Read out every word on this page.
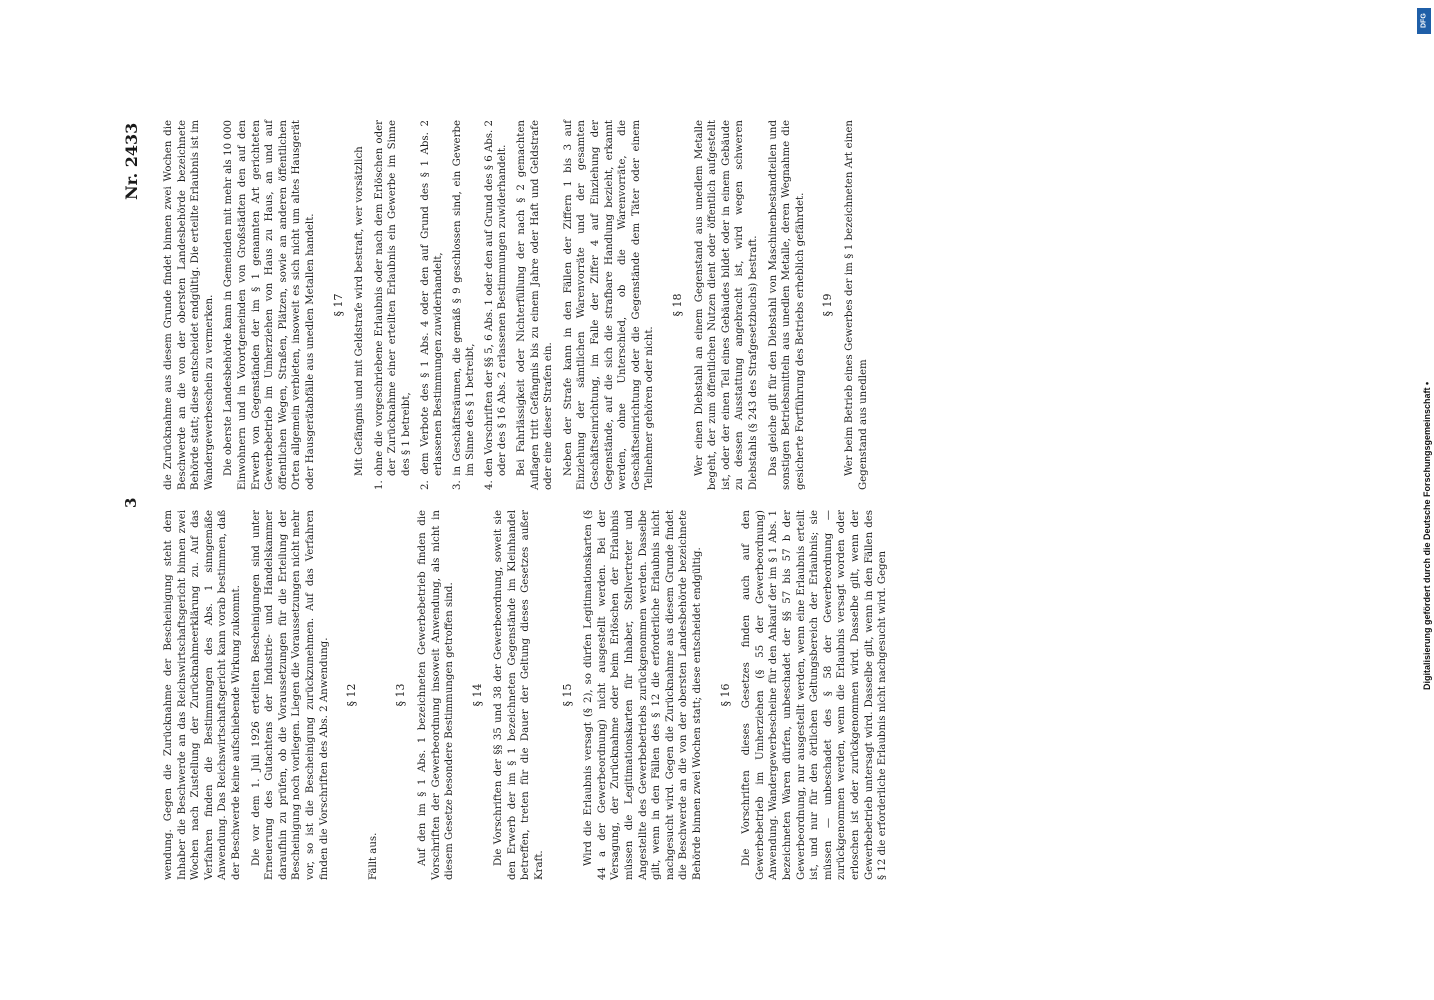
3
Nr. 2433

wendung. Gegen die Zurücknahme der Bescheinigung steht dem Inhaber die Beschwerde an das Reichswirtschaftsgericht binnen zwei Wochen nach Zustellung der Zurücknahmeerklärung zu. Auf das Verfahren finden die Bestimmungen des Abs. 1 sinngemäße Anwendung. Das Reichswirtschaftsgericht kann vorab bestimmen, daß der Beschwerde keine aufschiebende Wirkung zukommt. Die vor dem 1. Juli 1926 erteilten Bescheinigungen sind unter Erneuerung des Gutachtens der Industrie- und Handelskammer daraufhin zu prüfen, ob die Voraussetzungen für die Erteilung der Bescheinigung noch vorliegen. Liegen die Voraussetzungen nicht mehr vor, so ist die Bescheinigung zurückzunehmen. Auf das Verfahren finden die Vorschriften des Abs. 2 Anwendung. § 12

Fällt aus.

§ 13 Auf den im § 1 Abs. 1 bezeichneten Gewerbebetrieb finden die Vorschriften der Gewerbeordnung insoweit Anwendung, als nicht in diesem Gesetze besondere Bestimmungen getroffen sind. § 14 Die Vorschriften der §§ 35 und 38 der Gewerbeordnung, soweit sie den Erwerb der im § 1 bezeichneten Gegenstände im Kleinhandel betreffen, treten für die Dauer der Geltung dieses Gesetzes außer Kraft.

§ 15 Wird die Erlaubnis versagt (§ 2), so dürfen Legitimationskarten (§ 44 a der Gewerbeordnung) nicht ausgestellt werden. Bei der Versagung, der Zurücknahme oder beim Erlöschen der Erlaubnis müssen die Legitimationskarten für Inhaber, Stellvertreter und Angestellte des Gewerbebetriebs zurückgenommen werden. Dasselbe gilt, wenn in den Fällen des § 12 die erforderliche Erlaubnis nicht nachgesucht wird. Gegen die Zurücknahme aus diesem Grunde findet die Beschwerde an die von der obersten Landesbehörde bezeichnete Behörde binnen zwei Wochen statt; diese entscheidet endgültig. § 16 Die Vorschriften dieses Gesetzes finden auch auf den Gewerbebetrieb im Umherziehen (§ 55 der Gewerbeordnung) Anwendung. Wandergewerbescheine für den Ankauf der im § 1 Abs. 1 bezeichneten Waren dürfen, unbeschadet der §§ 57 bis 57 b der Gewerbeordnung, nur ausgestellt werden, wenn eine Erlaubnis erteilt ist, und nur für den örtlichen Geltungsbereich der Erlaubnis; sie müssen — unbeschadet des § 58 der Gewerbeordnung — zurückgenommen werden, wenn die Erlaubnis versagt worden oder erloschen ist oder zurückgenommen wird. Dasselbe gilt, wenn der Gewerbebetrieb untersagt wird. Dasselbe gilt, wenn in den Fällen des § 12 die erforderliche Erlaubnis nicht nachgesucht wird. Gegen

die Zurücknahme aus diesem Grunde findet binnen zwei Wochen die Beschwerde an die von der obersten Landesbehörde bezeichnete Behörde statt; diese entscheidet endgültig. Die erteilte Erlaubnis ist im Wandergewerbeschein zu vermerken. Die oberste Landesbehörde kann in Gemeinden mit mehr als 10 000 Einwohnern und in Vorortgemeinden von Großstädten den auf den Erwerb von Gegenständen der im § 1 genannten Art gerichteten Gewerbebetrieb im Umherziehen von Haus zu Haus, an und auf öffentlichen Wegen, Straßen, Plätzen, sowie an anderen öffentlichen Orten allgemein verbieten, insoweit es sich nicht um altes Hausgerät oder Hausgerätabfälle aus unedlen Metallen handelt. § 17 Mit Gefängnis und mit Geldstrafe wird bestraft, wer vorsätzlich 1. ohne die vorgeschriebene Erlaubnis oder nach dem Erlöschen oder der Zurücknahme einer erteilten Erlaubnis ein Gewerbe im Sinne des § 1 betreibt, 2. dem Verbote des § 1 Abs. 4 oder den auf Grund des § 1 Abs. 2 erlassenen Bestimmungen zuwiderhandelt, 3. in Geschäftsräumen, die gemäß § 9 geschlossen sind, ein Gewerbe im Sinne des § 1 betreibt, 4. den Vorschriften der §§ 5, 6 Abs. 1 oder den auf Grund des § 6 Abs. 2 oder des § 16 Abs. 2 erlassenen Bestimmungen zuwiderhandelt. Bei Fahrlässigkeit oder Nichterfüllung der nach § 2 gemachten Auflagen tritt Gefängnis bis zu einem Jahre oder Haft und Geldstrafe oder eine dieser Strafen ein. Neben der Strafe kann in den Fällen der Ziffern 1 bis 3 auf Einziehung der sämtlichen Warenvorräte und der gesamten Geschäftseinrichtung, im Falle der Ziffer 4 auf Einziehung der Gegenstände, auf die sich die strafbare Handlung bezieht, erkannt werden, ohne Unterschied, ob die Warenvorräte, die Geschäftseinrichtung oder die Gegenstände dem Täter oder einem Teilnehmer gehören oder nicht.

§ 18 Wer einen Diebstahl an einem Gegenstand aus unedlem Metalle begeht, der zum öffentlichen Nutzen dient oder öffentlich aufgestellt ist, oder der einen Teil eines Gebäudes bildet oder in einem Gebäude zu dessen Ausstattung angebracht ist, wird wegen schweren Diebstahls (§ 243 des Strafgesetzbuchs) bestraft. Das gleiche gilt für den Diebstahl von Maschinenbestandteilen und sonstigen Betriebsmitteln aus unedlen Metalle, deren Wegnahme die gesicherte Fortführung des Betriebs erheblich gefährdet. § 19 Wer beim Betrieb eines Gewerbes der im § 1 bezeichneten Art einen Gegenstand aus unedlem

DFG
Digitalisierung gefördert durch die Deutsche Forschungsgemeinschaft •
